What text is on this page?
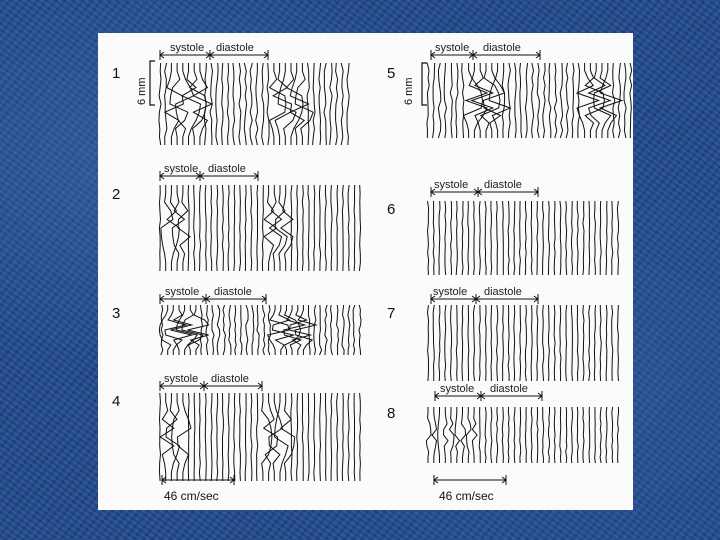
1
2
3
4
5
6
7
8
systole diastole
systole diastole
systole diastole
systole diastole
systole diastole
systole diastole
systole diastole
systole diastole
6 mm	6 mm
46 cm/sec	46 cm/sec
